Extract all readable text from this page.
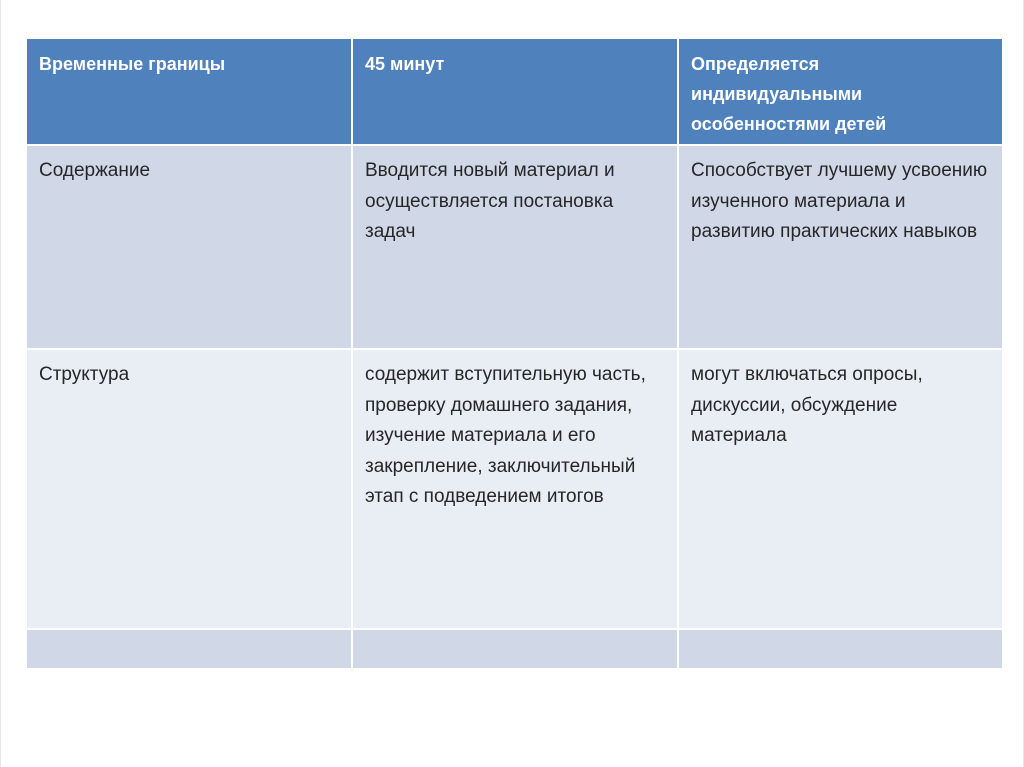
Временные границы	45 минут	Определяется индивидуальными особенностями детей
Содержание	Вводится новый материал и осуществляется постановка задач	Способствует лучшему усвоению изученного материала и развитию практических навыков
Структура	содержит вступительную часть, проверку домашнего задания, изучение материала и его закрепление, заключительный этап с подведением итогов	могут включаться опросы, дискуссии, обсуждение материала
